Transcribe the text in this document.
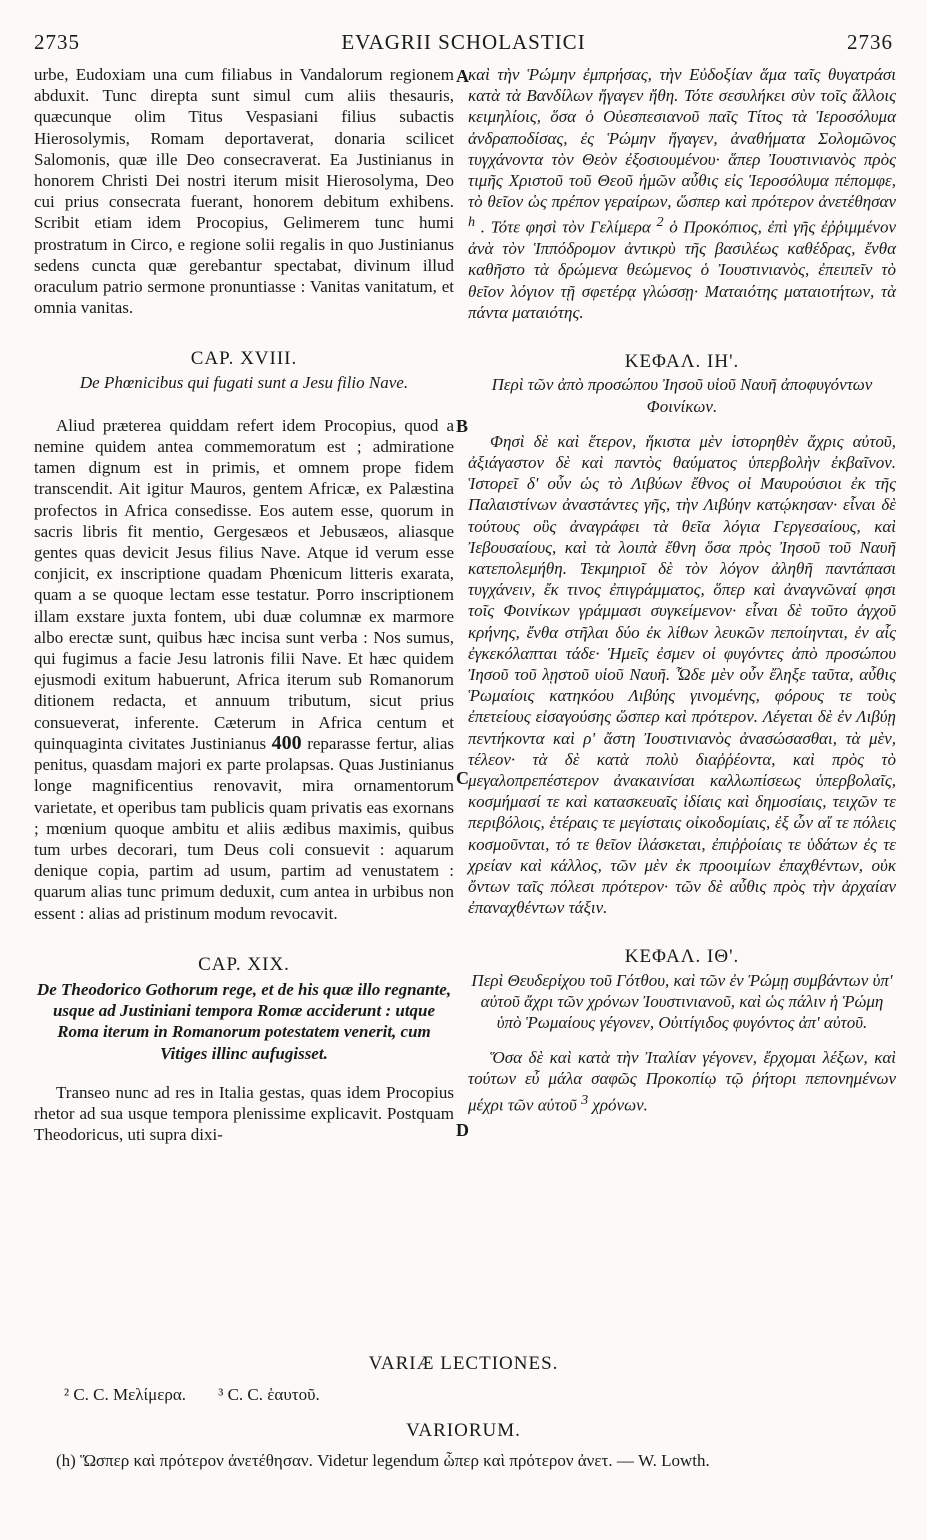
2735	EVAGRII SCHOLASTICI	2736

urbe, Eudoxiam una cum filiabus in Vandalorum regionem abduxit. Tunc direpta sunt simul cum aliis thesauris, quæcunque olim Titus Vespasiani filius subactis Hierosolymis, Romam deportaverat, donaria scilicet Salomonis, quæ ille Deo consecraverat. Ea Justinianus in honorem Christi Dei nostri iterum misit Hierosolyma, Deo cui prius consecrata fuerant, honorem debitum exhibens. Scribit etiam idem Procopius, Gelimerem tunc humi prostratum in Circo, e regione solii regalis in quo Justinianus sedens cuncta quæ gerebantur spectabat, divinum illud oraculum patrio sermone pronuntiasse : Vanitas vanitatum, et omnia vanitas.

CAP. XVIII.
De Phœnicibus qui fugati sunt a Jesu filio Nave.

Aliud præterea quiddam refert idem Procopius, quod a nemine quidem antea commemoratum est ; admiratione tamen dignum est in primis, et omnem prope fidem transcendit. Ait igitur Mauros, gentem Africæ, ex Palæstina profectos in Africa consedisse. Eos autem esse, quorum in sacris libris fit mentio, Gergesæos et Jebusæos, aliasque gentes quas devicit Jesus filius Nave. Atque id verum esse conjicit, ex inscriptione quadam Phœnicum litteris exarata, quam a se quoque lectam esse testatur. Porro inscriptionem illam exstare juxta fontem, ubi duæ columnæ ex marmore albo erectæ sunt, quibus hæc incisa sunt verba : Nos sumus, qui fugimus a facie Jesu latronis filii Nave. Et hæc quidem ejusmodi exitum habuerunt, Africa iterum sub Romanorum ditionem redacta, et annuum tributum, sicut prius consueverat, inferente. Cæterum in Africa centum et quinquaginta civitates Justinianus 400 reparasse fertur, alias penitus, quasdam majori ex parte prolapsas. Quas Justinianus longe magnificentius renovavit, mira ornamentorum varietate, et operibus tam publicis quam privatis eas exornans ; mœnium quoque ambitu et aliis ædibus maximis, quibus tum urbes decorari, tum Deus coli consuevit : aquarum denique copia, partim ad usum, partim ad venustatem : quarum alias tunc primum deduxit, cum antea in urbibus non essent : alias ad pristinum modum revocavit.

CAP. XIX.
De Theodorico Gothorum rege, et de his quæ illo regnante, usque ad Justiniani tempora Romæ acciderunt : utque Roma iterum in Romanorum potestatem venerit, cum Vitiges illinc aufugisset.

Transeo nunc ad res in Italia gestas, quas idem Procopius rhetor ad sua usque tempora plenissime explicavit. Postquam Theodoricus, uti supra dixi-

καὶ τὴν Ῥώμην ἐμπρήσας, τὴν Εὐδοξίαν ἅμα ταῖς θυγατράσι κατὰ τὰ Βανδίλων ἤγαγεν ἤθη. Τότε σεσυλήκει σὺν τοῖς ἄλλοις κειμηλίοις, ὅσα ὁ Οὐεσπεσιανοῦ παῖς Τίτος τὰ Ἱεροσόλυμα ἀνδραποδίσας, ἐς Ῥώμην ἤγαγεν, ἀναθήματα Σολομῶνος τυγχάνοντα τὸν Θεὸν ἐξοσιουμένου· ἅπερ Ἰουστινιανὸς πρὸς τιμῆς Χριστοῦ τοῦ Θεοῦ ἡμῶν αὖθις εἰς Ἱεροσόλυμα πέπομφε, τὸ θεῖον ὡς πρέπον γεραίρων, ὥσπερ καὶ πρότερον ἀνετέθησαν $^h$ . Τότε φησὶ τὸν Γελίμερα $^2$ ὁ Προκόπιος, ἐπὶ γῆς ἐῤῥιμμένον ἀνὰ τὸν Ἱππόδρομον ἀντικρὺ τῆς βασιλέως καθέδρας, ἔνθα καθῆστο τὰ δρώμενα θεώμενος ὁ Ἰουστινιανὸς, ἐπειπεῖν τὸ θεῖον λόγιον τῇ σφετέρᾳ γλώσσῃ· Ματαιότης ματαιοτήτων, τὰ πάντα ματαιότης.

ΚΕΦΑΛ. ΙΗ'.
Περὶ τῶν ἀπὸ προσώπου Ἰησοῦ υἱοῦ Ναυῆ ἀποφυγόντων Φοινίκων.

Φησὶ δὲ καὶ ἕτερον, ἥκιστα μὲν ἱστορηθὲν ἄχρις αὐτοῦ, ἀξιάγαστον δὲ καὶ παντὸς θαύματος ὑπερβολὴν ἐκβαῖνον. Ἱστορεῖ δ' οὖν ὡς τὸ Λιβύων ἔθνος οἱ Μαυρούσιοι ἐκ τῆς Παλαιστίνων ἀναστάντες γῆς, τὴν Λιβύην κατῴκησαν· εἶναι δὲ τούτους οὓς ἀναγράφει τὰ θεῖα λόγια Γεργεσαίους, καὶ Ἰεβουσαίους, καὶ τὰ λοιπὰ ἔθνη ὅσα πρὸς Ἰησοῦ τοῦ Ναυῆ κατεπολεμήθη. Τεκμηριοῖ δὲ τὸν λόγον ἀληθῆ παντάπασι τυγχάνειν, ἔκ τινος ἐπιγράμματος, ὅπερ καὶ ἀναγνῶναί φησι τοῖς Φοινίκων γράμμασι συγκείμενον· εἶναι δὲ τοῦτο ἀγχοῦ κρήνης, ἔνθα στῆλαι δύο ἐκ λίθων λευκῶν πεποίηνται, ἐν αἷς ἐγκεκόλαπται τάδε· Ἡμεῖς ἐσμεν οἱ φυγόντες ἀπὸ προσώπου Ἰησοῦ τοῦ λῃστοῦ υἱοῦ Ναυῆ. Ὧδε μὲν οὖν ἔληξε ταῦτα, αὖθις Ῥωμαίοις κατηκόου Λιβύης γινομένης, φόρους τε τοὺς ἐπετείους εἰσαγούσης ὥσπερ καὶ πρότερον. Λέγεται δὲ ἐν Λιβύῃ πεντήκοντα καὶ ρ' ἄστη Ἰουστινιανὸς ἀνασώσασθαι, τὰ μὲν, τέλεον· τὰ δὲ κατὰ πολὺ διαῤῥέοντα, καὶ πρὸς τὸ μεγαλοπρεπέστερον ἀνακαινίσαι καλλωπίσεως ὑπερβολαῖς, κοσμήμασί τε καὶ κατασκευαῖς ἰδίαις καὶ δημοσίαις, τειχῶν τε περιβόλοις, ἑτέραις τε μεγίσταις οἰκοδομίαις, ἐξ ὧν αἵ τε πόλεις κοσμοῦνται, τό τε θεῖον ἱλάσκεται, ἐπιῤῥοίαις τε ὑδάτων ἐς τε χρείαν καὶ κάλλος, τῶν μὲν ἐκ προοιμίων ἐπαχθέντων, οὐκ ὄντων ταῖς πόλεσι πρότερον· τῶν δὲ αὖθις πρὸς τὴν ἀρχαίαν ἐπαναχθέντων τάξιν.

ΚΕΦΑΛ. ΙΘ'.
Περὶ Θευδερίχου τοῦ Γότθου, καὶ τῶν ἐν Ῥώμῃ συμβάντων ὑπ' αὐτοῦ ἄχρι τῶν χρόνων Ἰουστινιανοῦ, καὶ ὡς πάλιν ἡ Ῥώμη ὑπὸ Ῥωμαίους γέγονεν, Οὐιτίγιδος φυγόντος ἀπ' αὐτοῦ.

Ὅσα δὲ καὶ κατὰ τὴν Ἰταλίαν γέγονεν, ἔρχομαι λέξων, καὶ τούτων εὖ μάλα σαφῶς Προκοπίῳ τῷ ῥήτορι πεπονημένων μέχρι τῶν αὐτοῦ $^3$ χρόνων.

A
B
C
D
VARIÆ LECTIONES.
² C. C. Μελίμερα. ³ C. C. ἑαυτοῦ.
VARIORUM.
(h) Ὥσπερ καὶ πρότερον ἀνετέθησαν. Videtur legendum ὧπερ καὶ πρότερον ἀνετ. — W. Lowth.
